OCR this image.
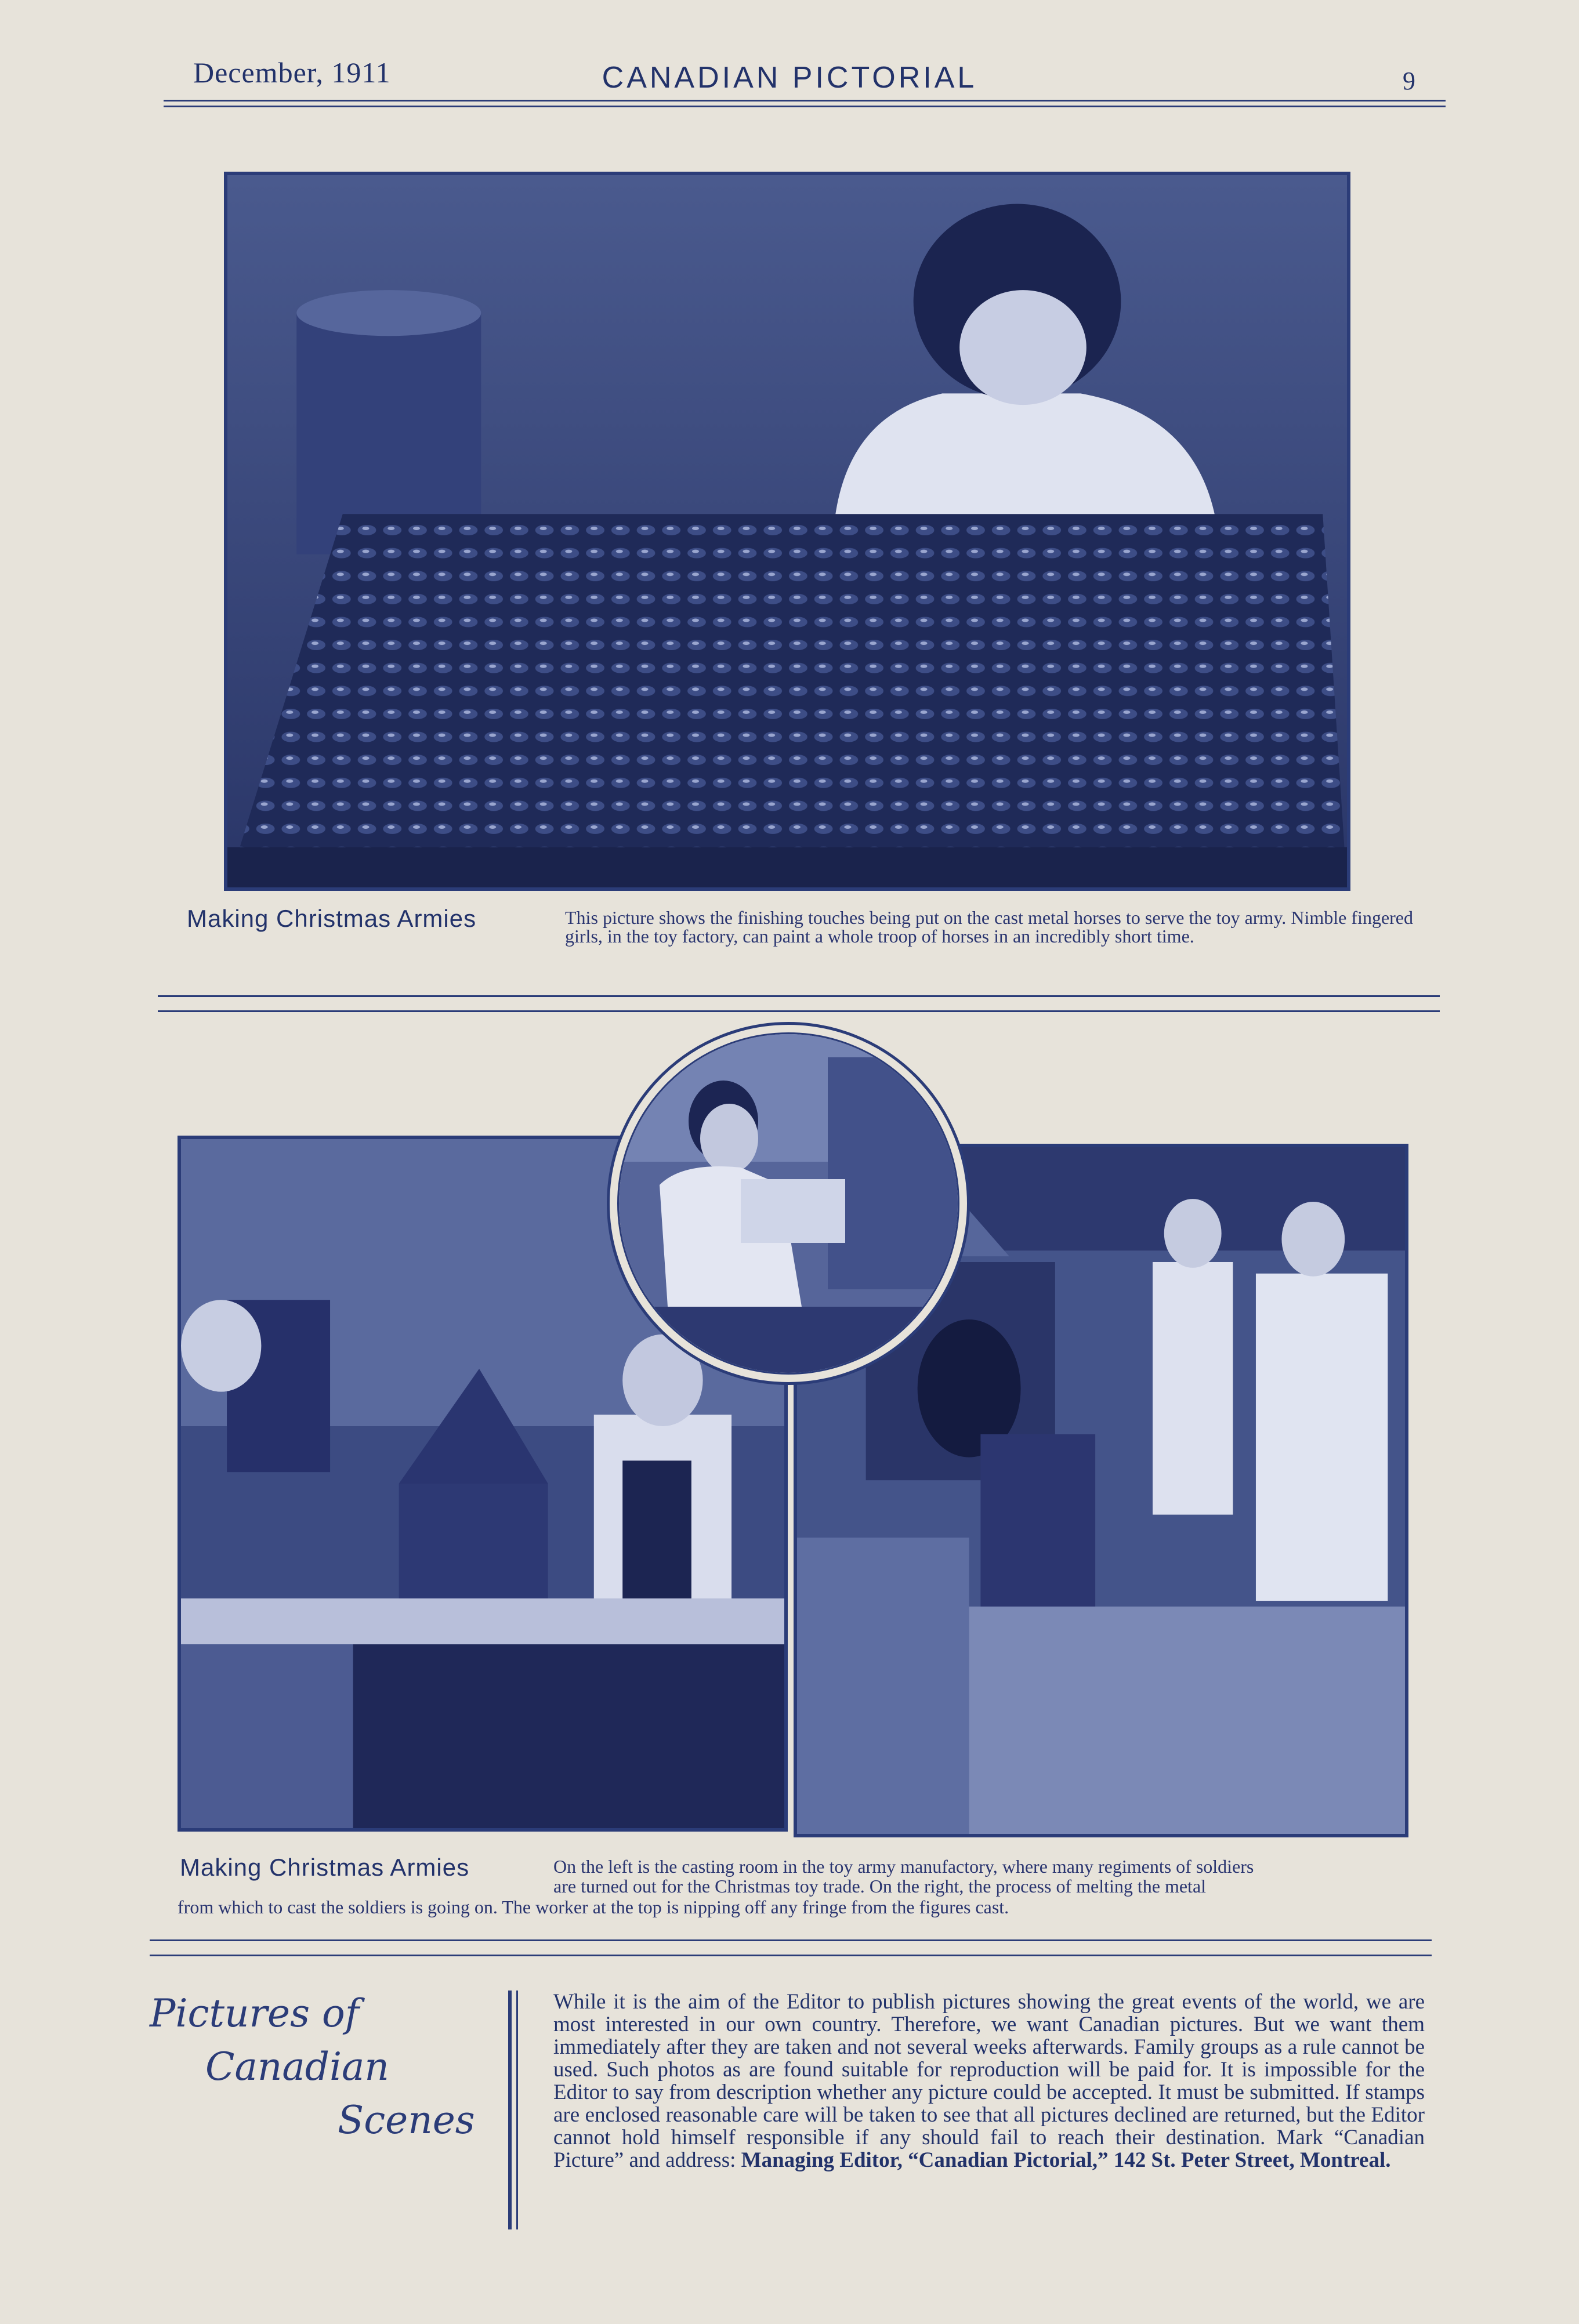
December, 1911	CANADIAN PICTORIAL	9
Making Christmas Armies	This picture shows the finishing touches being put on the cast metal horses to serve the toy army. Nimble fingered girls, in the toy factory, can paint a whole troop of horses in an incredibly short time.
Making Christmas Armies	On the left is the casting room in the toy army manufactory, where many regiments of soldiers
are turned out for the Christmas toy trade. On the right, the process of melting the metal
from which to cast the soldiers is going on. The worker at the top is nipping off any fringe from the figures cast.
Pictures of
Canadian
Scenes
While it is the aim of the Editor to publish pictures showing the great events of the world, we are most interested in our own country. Therefore, we want Canadian pictures. But we want them immediately after they are taken and not several weeks afterwards. Family groups as a rule cannot be used. Such photos as are found suitable for reproduction will be paid for. It is impossible for the Editor to say from description whether any picture could be accepted. It must be submitted. If stamps are enclosed reasonable care will be taken to see that all pictures declined are returned, but the Editor cannot hold himself responsible if any should fail to reach their destination. Mark “Canadian Picture” and address: Managing Editor, “Canadian Pictorial,” 142 St. Peter Street, Montreal.
